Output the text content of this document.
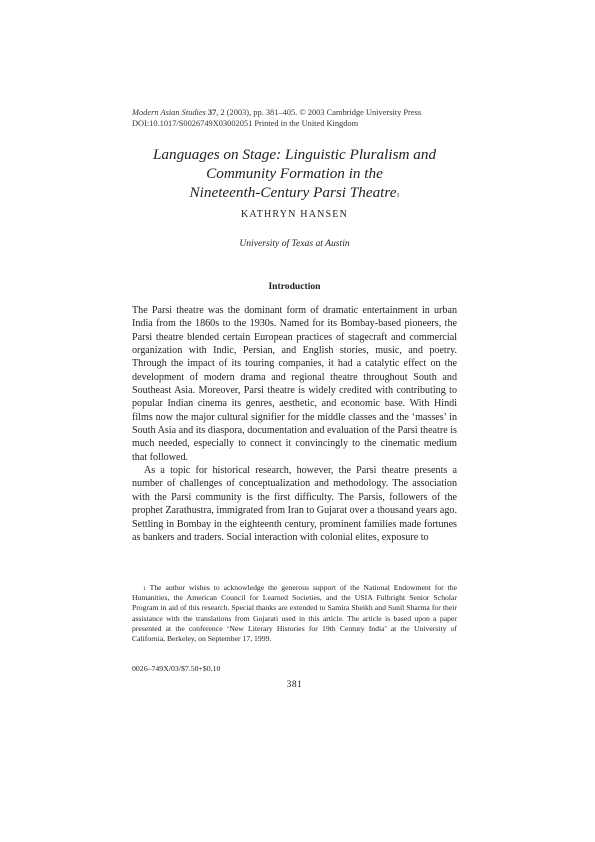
Modern Asian Studies 37, 2 (2003), pp. 381–405. © 2003 Cambridge University Press
DOI:10.1017/S0026749X03002051 Printed in the United Kingdom
Languages on Stage: Linguistic Pluralism and
Community Formation in the
Nineteenth-Century Parsi Theatre$^1$
KATHRYN HANSEN
University of Texas at Austin
Introduction

The Parsi theatre was the dominant form of dramatic entertainment in urban India from the 1860s to the 1930s. Named for its Bombay-based pioneers, the Parsi theatre blended certain European practices of stagecraft and commercial organization with Indic, Persian, and English stories, music, and poetry. Through the impact of its touring companies, it had a catalytic effect on the development of modern drama and regional theatre throughout South and Southeast Asia. Moreover, Parsi theatre is widely credited with contributing to popular Indian cinema its genres, aesthetic, and economic base. With Hindi films now the major cultural signifier for the middle classes and the ‘masses’ in South Asia and its diaspora, documentation and evaluation of the Parsi theatre is much needed, especially to connect it convincingly to the cinematic medium that followed.

As a topic for historical research, however, the Parsi theatre presents a number of challenges of conceptualization and methodology. The association with the Parsi community is the first difficulty. The Parsis, followers of the prophet Zarathustra, immigrated from Iran to Gujarat over a thousand years ago. Settling in Bombay in the eighteenth century, prominent families made fortunes as bankers and traders. Social interaction with colonial elites, exposure to

$^1$ The author wishes to acknowledge the generous support of the National Endowment for the Humanities, the American Council for Learned Societies, and the USIA Fulbright Senior Scholar Program in aid of this research. Special thanks are extended to Samira Sheikh and Sunil Sharma for their assistance with the translations from Gujarati used in this article. The article is based upon a paper presented at the conference ‘New Literary Histories for 19th Century India’ at the University of California, Berkeley, on September 17, 1999.

0026–749X/03/$7.50+$0.10
381
